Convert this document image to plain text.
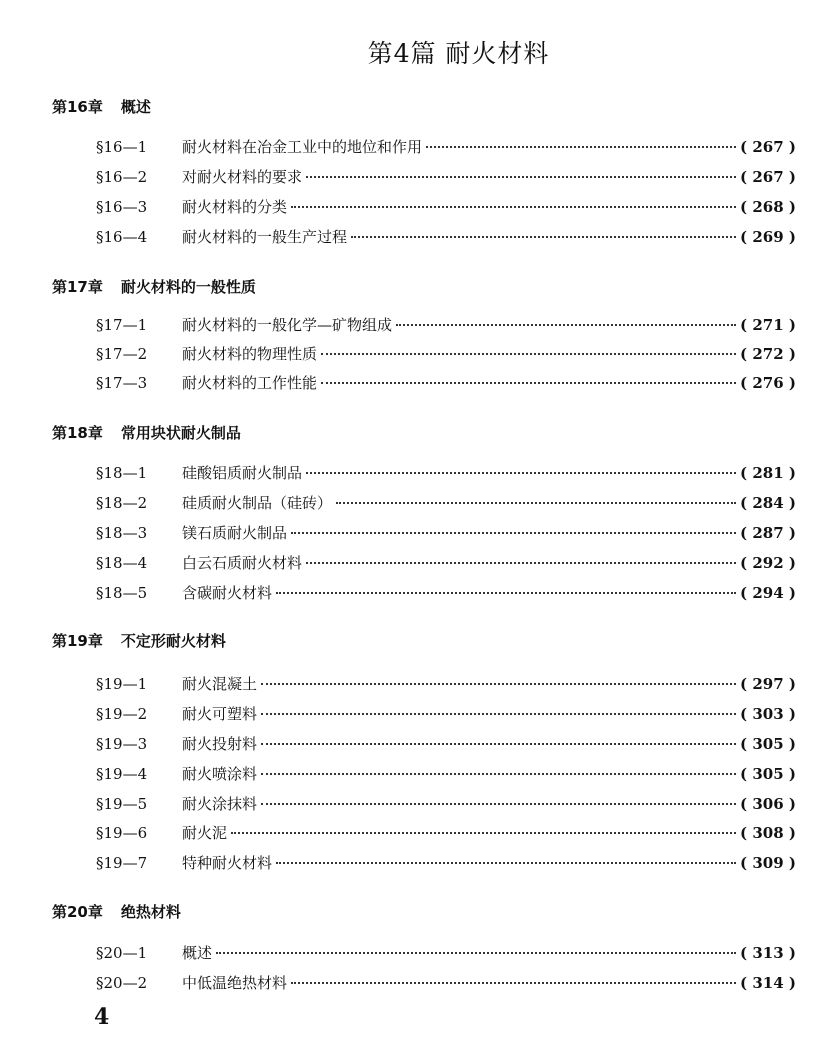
第4篇 耐火材料
第16章 概述
§16—1	耐火材料在冶金工业中的地位和作用	( 267 )
§16—2	对耐火材料的要求	( 267 )
§16—3	耐火材料的分类	( 268 )
§16—4	耐火材料的一般生产过程	( 269 )
第17章 耐火材料的一般性质
§17—1	耐火材料的一般化学—矿物组成	( 271 )
§17—2	耐火材料的物理性质	( 272 )
§17—3	耐火材料的工作性能	( 276 )
第18章 常用块状耐火制品
§18—1	硅酸铝质耐火制品	( 281 )
§18—2	硅质耐火制品（硅砖）	( 284 )
§18—3	镁石质耐火制品	( 287 )
§18—4	白云石质耐火材料	( 292 )
§18—5	含碳耐火材料	( 294 )
第19章 不定形耐火材料
§19—1	耐火混凝土	( 297 )
§19—2	耐火可塑料	( 303 )
§19—3	耐火投射料	( 305 )
§19—4	耐火喷涂料	( 305 )
§19—5	耐火涂抹料	( 306 )
§19—6	耐火泥	( 308 )
§19—7	特种耐火材料	( 309 )
第20章 绝热材料
§20—1	概述	( 313 )
§20—2	中低温绝热材料	( 314 )
4
